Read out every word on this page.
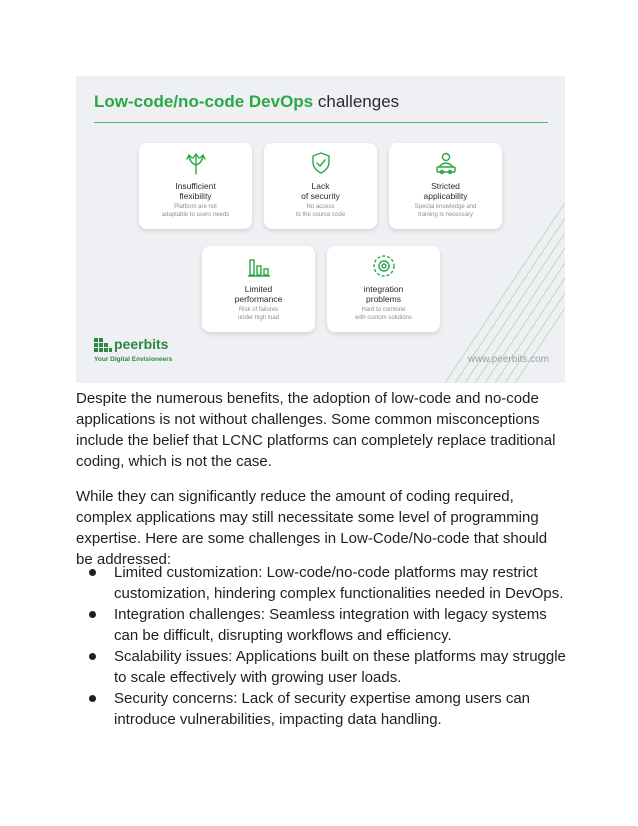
Low-code/no-code DevOps challenges
Insufficient
flexibility
Platform are not
adaptable to users needs
Lack
of security
No access
to the source code
Stricted
applicability
Special knowledge and
training is necessary
Limited
performance
Risk of failures
under high load
integration
problems
Hard to combine
with custom solutions
peerbits
Your Digital Envisioneers	www.peerbits.com

Despite the numerous benefits, the adoption of low-code and no-code applications is not without challenges. Some common misconceptions include the belief that LCNC platforms can completely replace traditional coding, which is not the case.

While they can significantly reduce the amount of coding required, complex applications may still necessitate some level of programming expertise. Here are some challenges in Low-Code/No-code that should be addressed:

Limited customization: Low-code/no-code platforms may restrict customization, hindering complex functionalities needed in DevOps.
Integration challenges: Seamless integration with legacy systems can be difficult, disrupting workflows and efficiency.
Scalability issues: Applications built on these platforms may struggle to scale effectively with growing user loads.
Security concerns: Lack of security expertise among users can introduce vulnerabilities, impacting data handling.
